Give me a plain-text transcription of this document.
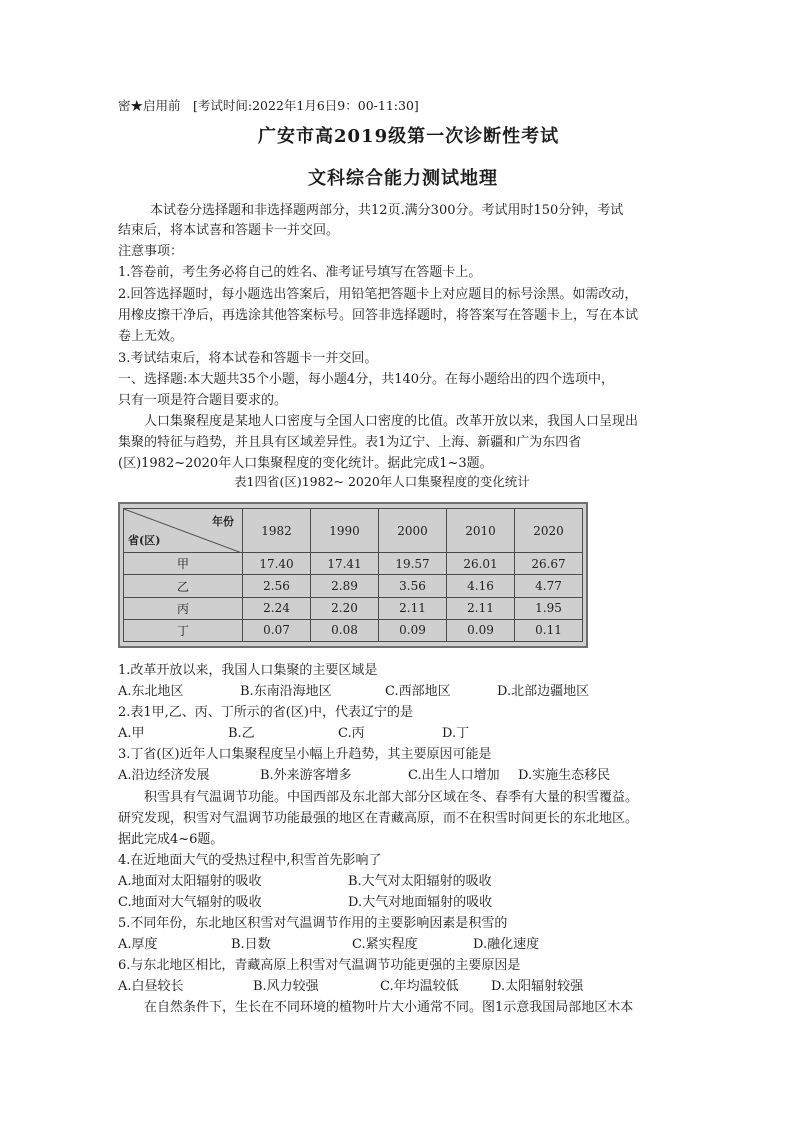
密★启用前　[考试时间:2022年1月6日9：00-11:30]
广安市高2019级第一次诊断性考试
文科综合能力测试地理
本试卷分选择题和非选择题两部分，共12页.满分300分。考试用时150分钟，考试
结束后，将本试喜和答题卡一并交回。
注意事项：
1.答卷前，考生务必将自己的姓名、准考证号填写在答题卡上。
2.回答选择题时，每小题选出答案后，用铅笔把答题卡上对应题目的标号涂黑。如需改动，
用橡皮擦干净后，再选涂其他答案标号。回答非选择题时，将答案写在答题卡上，写在本试
卷上无效。
3.考试结束后，将本试卷和答题卡一并交回。
一、选择题:本大题共35个小题，每小题4分，共140分。在每小题给出的四个选项中，
只有一项是符合题目要求的。
人口集聚程度是某地人口密度与全国人口密度的比值。改革开放以来，我国人口呈现出
集聚的特征与趋势，并且具有区域差异性。表1为辽宁、上海、新疆和广为东四省
(区)1982~2020年人口集聚程度的变化统计。据此完成1~3题。
表1四省(区)1982~ 2020年人口集聚程度的变化统计
年份
省(区)	1982	1990	2000	2010	2020
甲	17.40	17.41	19.57	26.01	26.67
乙	2.56	2.89	3.56	4.16	4.77
丙	2.24	2.20	2.11	2.11	1.95
丁	0.07	0.08	0.09	0.09	0.11
1.改革开放以来，我国人口集聚的主要区域是
A.东北地区	B.东南沿海地区	C.西部地区	D.北部边疆地区
2.表1甲,乙、丙、丁所示的省(区)中，代表辽宁的是
A.甲	B.乙	C.丙	D.丁
3.丁省(区)近年人口集聚程度呈小幅上升趋势，其主要原因可能是
A.沿边经济发展	B.外来游客增多	C.出生人口增加 D.实施生态移民
积雪具有气温调节功能。中国西部及东北部大部分区域在冬、春季有大量的积雪覆益。
研究发现，积雪对气温调节功能最强的地区在青藏高原，而不在积雪时间更长的东北地区。
据此完成4~6题。
4.在近地面大气的受热过程中,积雪首先影响了
A.地面对太阳辐射的吸收	B.大气对太阳辐射的吸收
C.地面对大气辐射的吸收	D.大气对地面辐射的吸收
5.不同年份，东北地区积雪对气温调节作用的主要影响因素是积雪的
A.厚度	B.日数	C.紧实程度	D.融化速度
6.与东北地区相比，青藏高原上积雪对气温调节功能更强的主要原因是
A.白昼较长	B.风力较强	C.年均温较低 D.太阳辐射较强
在自然条件下，生长在不同环境的植物叶片大小通常不同。图1示意我国局部地区木本
